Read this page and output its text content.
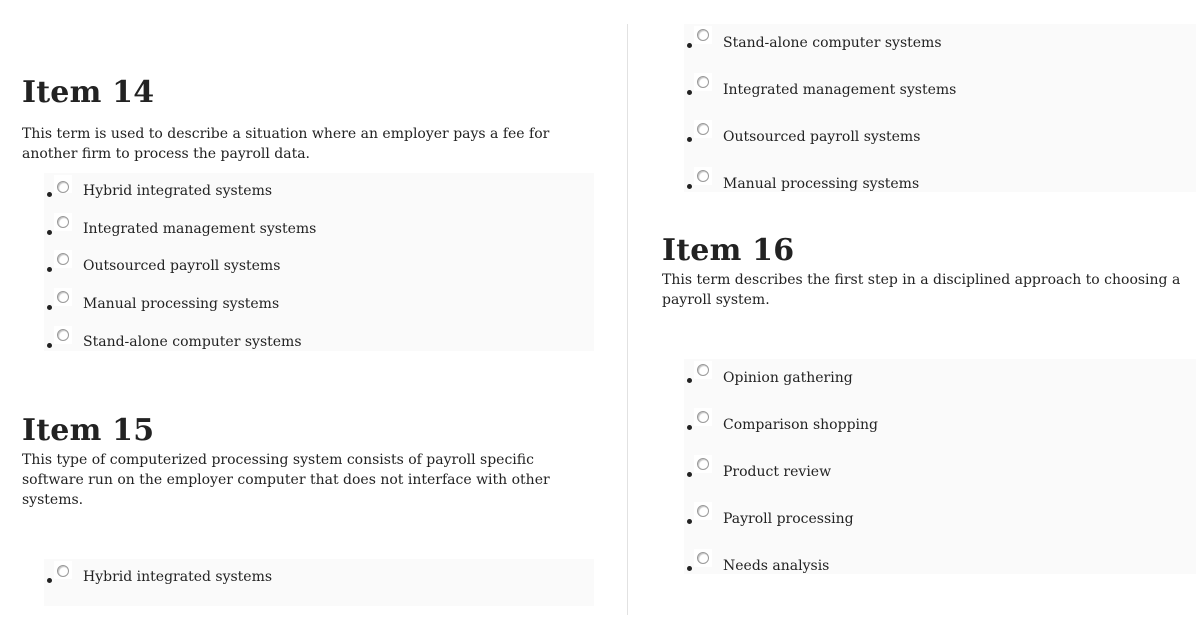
Item 14

This term is used to describe a situation where an employer pays a fee for another firm to process the payroll data.

Hybrid integrated systems
Integrated management systems
Outsourced payroll systems
Manual processing systems
Stand-alone computer systems
Item 15

This type of computerized processing system consists of payroll specific software run on the employer computer that does not interface with other systems.

Hybrid integrated systems
Stand-alone computer systems
Integrated management systems
Outsourced payroll systems
Manual processing systems
Item 16

This term describes the first step in a disciplined approach to choosing a payroll system.

Opinion gathering
Comparison shopping
Product review
Payroll processing
Needs analysis
